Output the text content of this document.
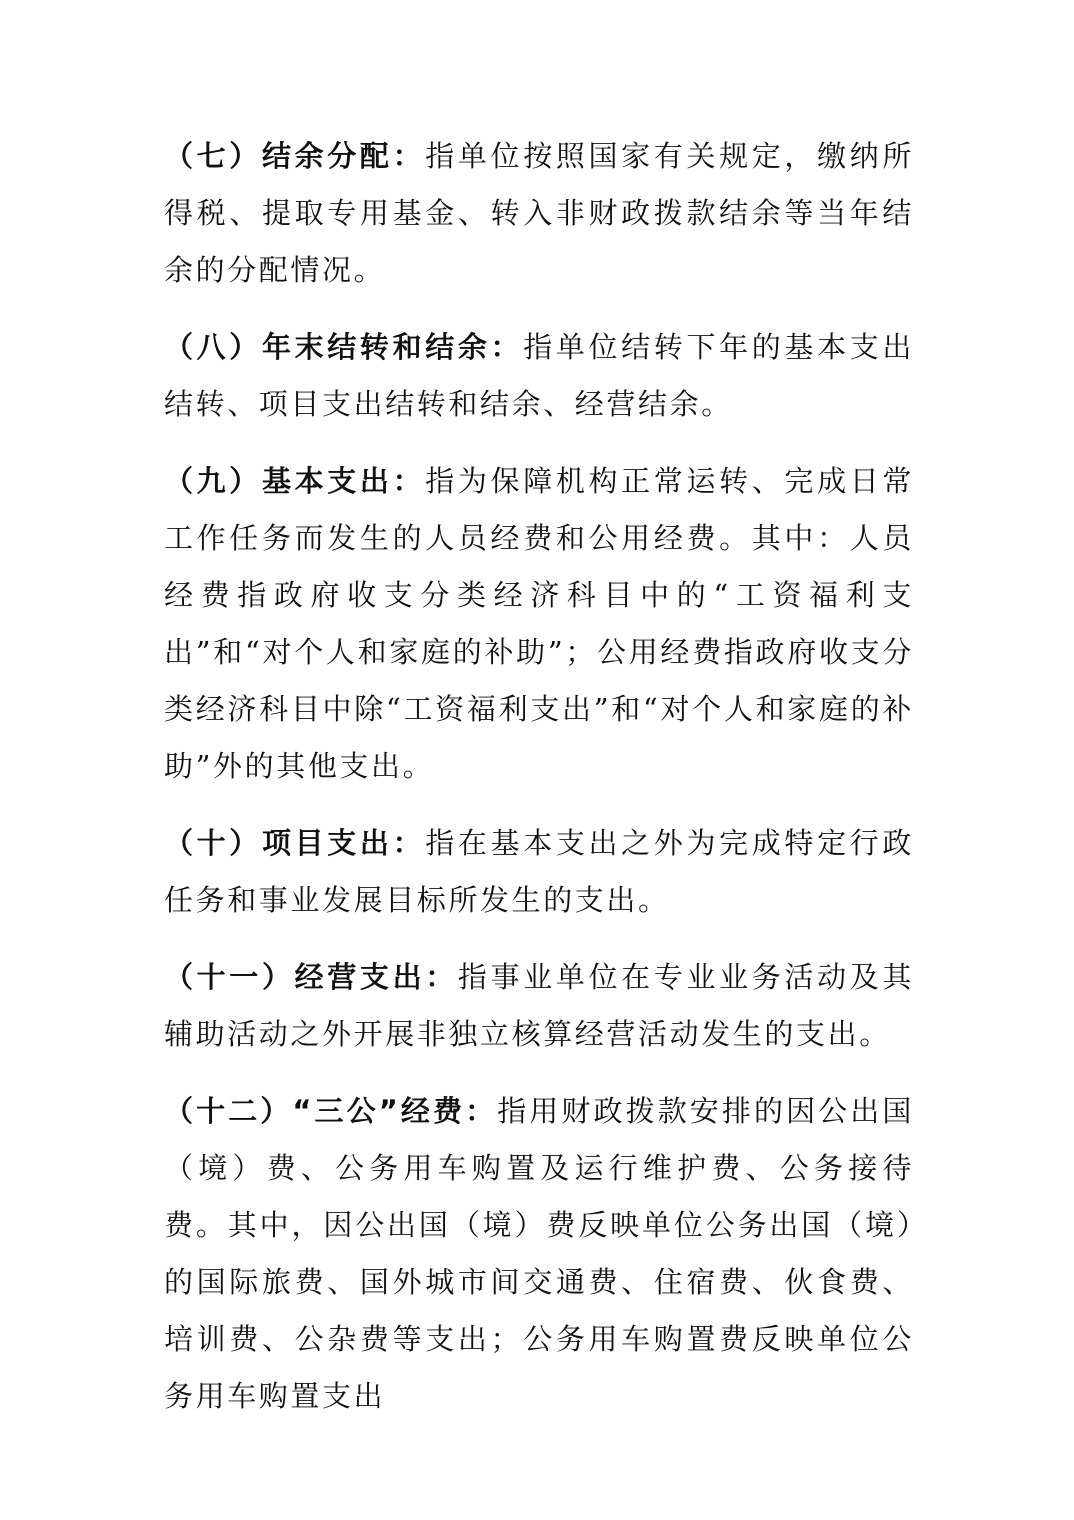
（七）结余分配：指单位按照国家有关规定，缴纳所得税、提取专用基金、转入非财政拨款结余等当年结余的分配情况。

（八）年末结转和结余：指单位结转下年的基本支出结转、项目支出结转和结余、经营结余。

（九）基本支出：指为保障机构正常运转、完成日常工作任务而发生的人员经费和公用经费。其中：人员经费指政府收支分类经济科目中的“工资福利支出”和“对个人和家庭的补助”；公用经费指政府收支分类经济科目中除“工资福利支出”和“对个人和家庭的补助”外的其他支出。

（十）项目支出：指在基本支出之外为完成特定行政任务和事业发展目标所发生的支出。

（十一）经营支出：指事业单位在专业业务活动及其辅助活动之外开展非独立核算经营活动发生的支出。

（十二）“三公”经费：指用财政拨款安排的因公出国（境）费、公务用车购置及运行维护费、公务接待费。其中，因公出国（境）费反映单位公务出国（境）的国际旅费、国外城市间交通费、住宿费、伙食费、培训费、公杂费等支出；公务用车购置费反映单位公务用车购置支出
